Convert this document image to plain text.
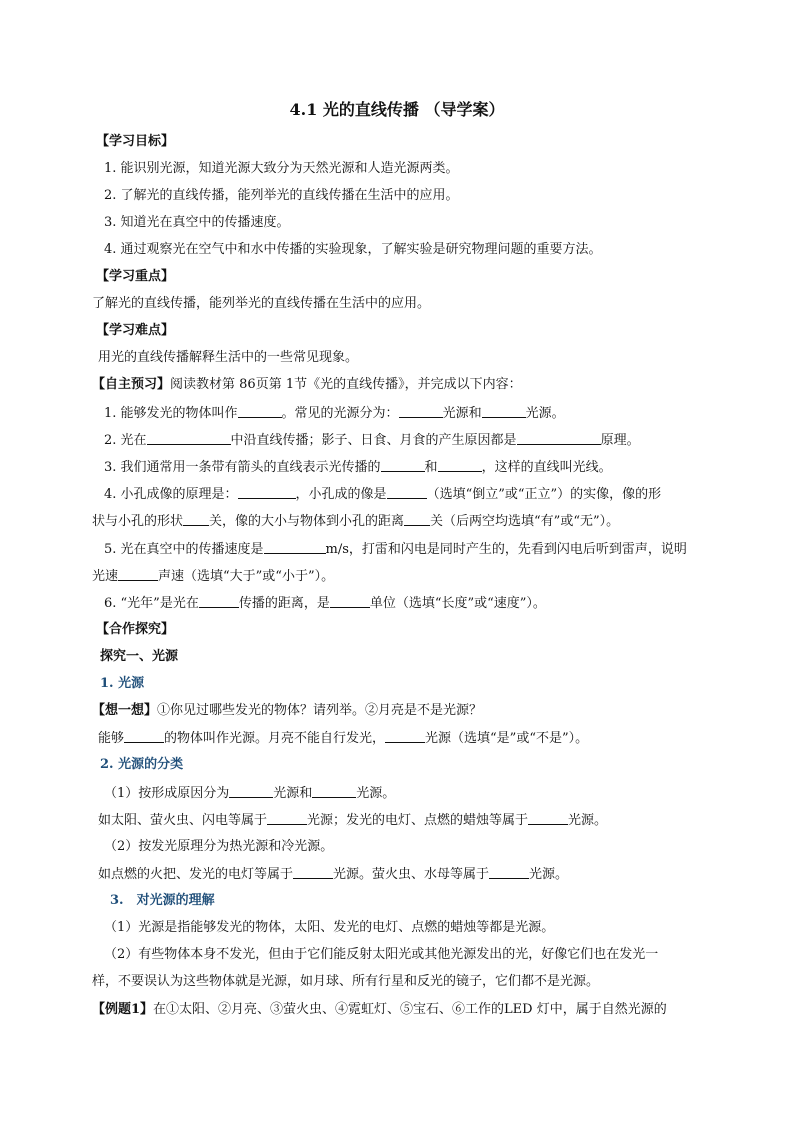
4.1 光的直线传播 （导学案）
【学习目标】
1. 能识别光源，知道光源大致分为天然光源和人造光源两类。
2. 了解光的直线传播，能列举光的直线传播在生活中的应用。
3. 知道光在真空中的传播速度。
4. 通过观察光在空气中和水中传播的实验现象，了解实验是研究物理问题的重要方法。
【学习重点】
了解光的直线传播，能列举光的直线传播在生活中的应用。
【学习难点】
用光的直线传播解释生活中的一些常见现象。
【自主预习】阅读教材第 86页第 1节《光的直线传播》，并完成以下内容：
1. 能够发光的物体叫作	。常见的光源分为：	光源和	光源。
2. 光在	中沿直线传播；影子、日食、月食的产生原因都是	原理。
3. 我们通常用一条带有箭头的直线表示光传播的	和	，这样的直线叫光线。
4. 小孔成像的原理是：	，小孔成的像是	（选填“倒立”或“正立”）的实像，像的形
状与小孔的形状 关，像的大小与物体到小孔的距离 关（后两空均选填“有”或“无”）。
5. 光在真空中的传播速度是	m/s，打雷和闪电是同时产生的，先看到闪电后听到雷声，说明
光速	声速（选填“大于”或“小于”）。
6. “光年”是光在	传播的距离，是	单位（选填“长度”或“速度”）。
【合作探究】
探究一、光源
1. 光源
【想一想】①你见过哪些发光的物体？请列举。②月亮是不是光源？
能够	的物体叫作光源。月亮不能自行发光，	光源（选填“是”或“不是”）。
2. 光源的分类
（1）按形成原因分为	光源和	光源。
如太阳、萤火虫、闪电等属于	光源；发光的电灯、点燃的蜡烛等属于	光源。
（2）按发光原理分为热光源和冷光源。
如点燃的火把、发光的电灯等属于	光源。萤火虫、水母等属于	光源。
3.　对光源的理解
（1）光源是指能够发光的物体，太阳、发光的电灯、点燃的蜡烛等都是光源。
（2）有些物体本身不发光，但由于它们能反射太阳光或其他光源发出的光，好像它们也在发光一
样，不要误认为这些物体就是光源，如月球、所有行星和反光的镜子，它们都不是光源。
【例题1】在①太阳、②月亮、③萤火虫、④霓虹灯、⑤宝石、⑥工作的LED 灯中，属于自然光源的
